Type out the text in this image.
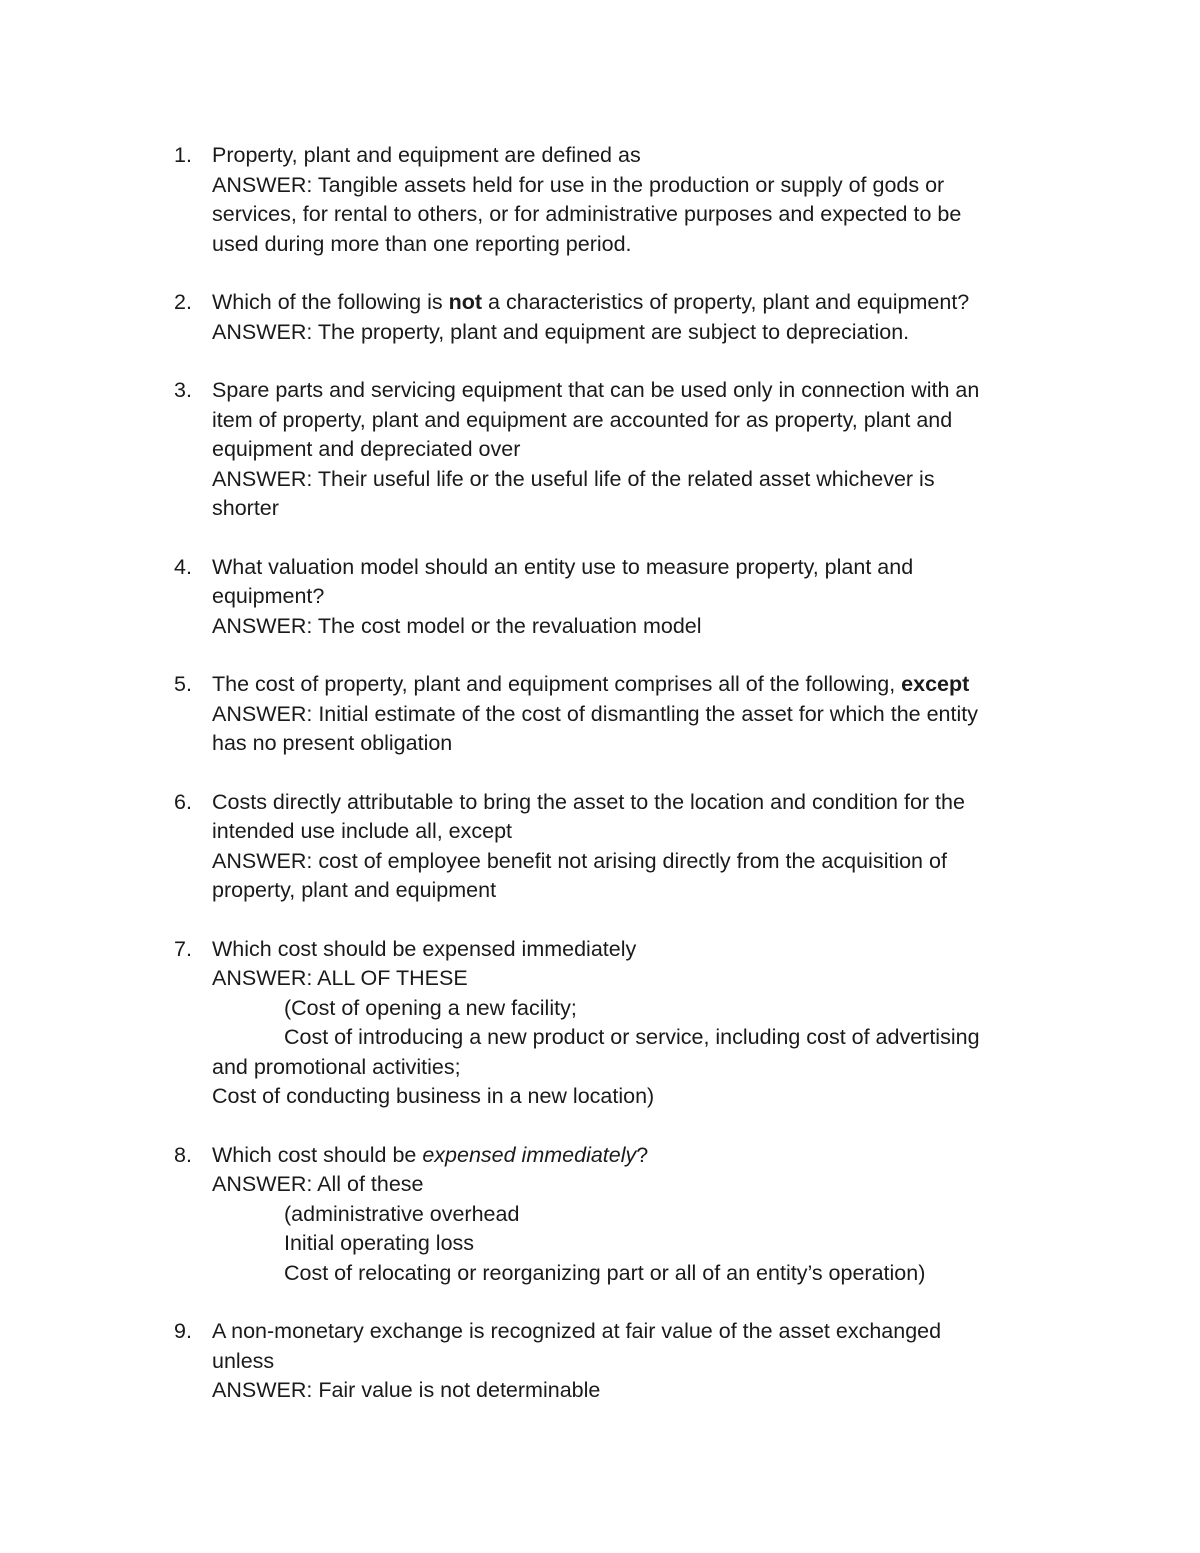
1. Property, plant and equipment are defined as
ANSWER: Tangible assets held for use in the production or supply of gods or
services, for rental to others, or for administrative purposes and expected to be
used during more than one reporting period.
2. Which of the following is not a characteristics of property, plant and equipment?
ANSWER: The property, plant and equipment are subject to depreciation.
3. Spare parts and servicing equipment that can be used only in connection with an
item of property, plant and equipment are accounted for as property, plant and
equipment and depreciated over
ANSWER: Their useful life or the useful life of the related asset whichever is
shorter
4. What valuation model should an entity use to measure property, plant and
equipment?
ANSWER: The cost model or the revaluation model
5. The cost of property, plant and equipment comprises all of the following, except
ANSWER: Initial estimate of the cost of dismantling the asset for which the entity
has no present obligation
6. Costs directly attributable to bring the asset to the location and condition for the
intended use include all, except
ANSWER: cost of employee benefit not arising directly from the acquisition of
property, plant and equipment
7. Which cost should be expensed immediately
ANSWER: ALL OF THESE
(Cost of opening a new facility;
Cost of introducing a new product or service, including cost of advertising
and promotional activities;
Cost of conducting business in a new location)
8. Which cost should be expensed immediately?
ANSWER: All of these
(administrative overhead
Initial operating loss
Cost of relocating or reorganizing part or all of an entity’s operation)
9. A non-monetary exchange is recognized at fair value of the asset exchanged
unless
ANSWER: Fair value is not determinable
